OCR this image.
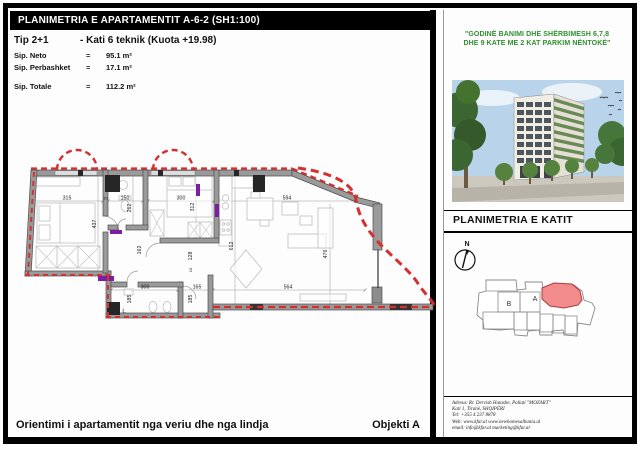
PLANIMETRIA E APARTAMENTIT A-6-2 (SH1:100)
Tip 2+1	- Kati 6 teknik (Kuota +19.98)
Sip. Neto	=	95.1 m²
Sip. Perbashket	=	17.1 m²
Sip. Totale	=	112.2 m²
315	10 150	300	594
437
262	312
612
476
162
128
10
185	185
300	165	564
L
"GODINË BANIMI DHE SHËRBIMESH 6,7,8
DHE 9 KATE ME 2 KAT PARKIM NËNTOKË"
PLANIMETRIA E KATIT
N
B
A
Adresa: Rr. Dervish Hatashe, Pallati "MOZART"
Kati 1, Tiranë, SHQIPËRI
Tel: +355 4 237 8878
Web: www.kfar.al www.newhomesalbania.al
email: info@kfar.al marketing@kfar.al
Orientimi i apartamentit nga veriu dhe nga lindja	Objekti A
